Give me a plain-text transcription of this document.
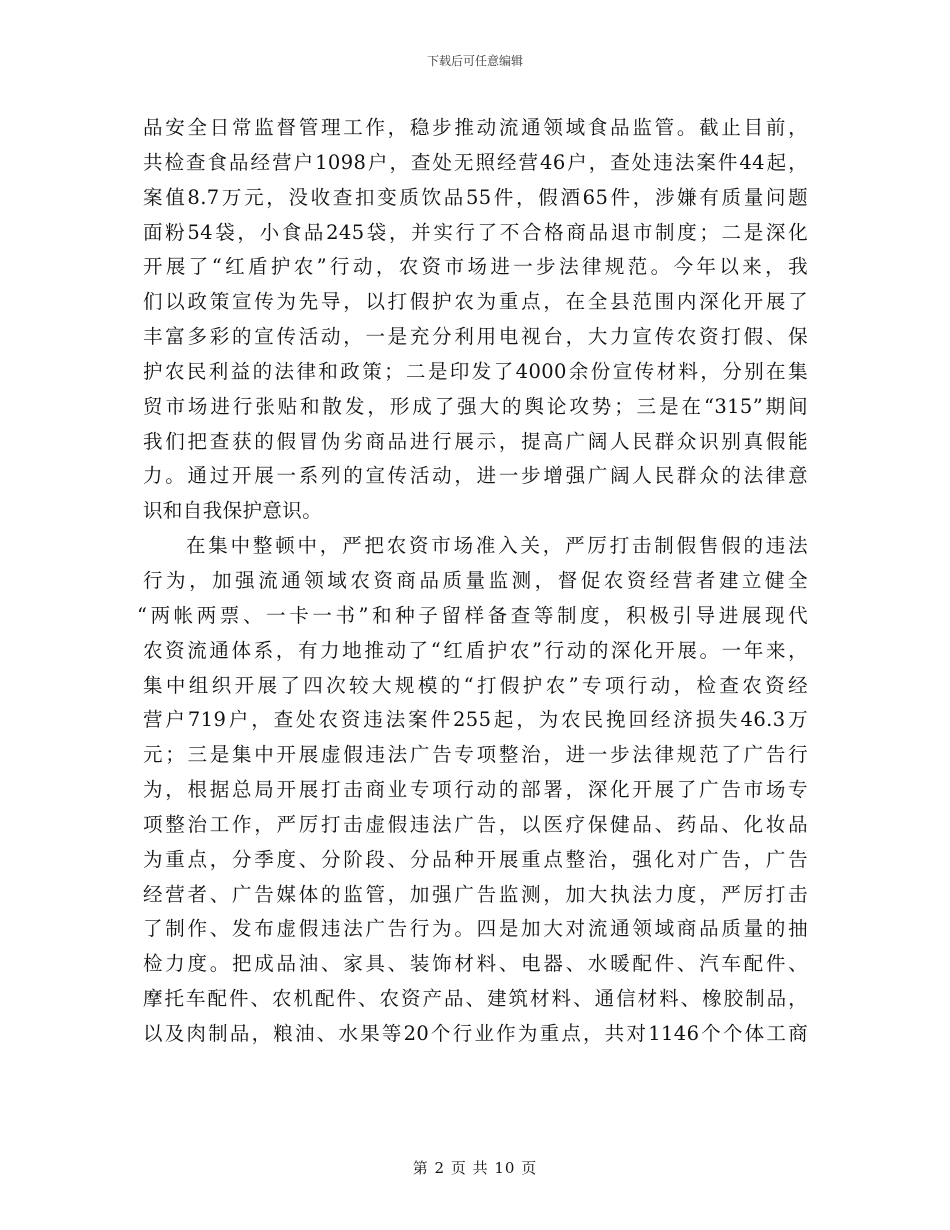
下载后可任意编辑
品安全日常监督管理工作，稳步推动流通领域食品监管。截止目前，
共检查食品经营户1098户，查处无照经营46户，查处违法案件44起，
案值8.7万元，没收查扣变质饮品55件，假酒65件，涉嫌有质量问题
面粉54袋，小食品245袋，并实行了不合格商品退市制度；二是深化
开展了“红盾护农”行动，农资市场进一步法律规范。今年以来，我
们以政策宣传为先导，以打假护农为重点，在全县范围内深化开展了
丰富多彩的宣传活动，一是充分利用电视台，大力宣传农资打假、保
护农民利益的法律和政策；二是印发了4000余份宣传材料，分别在集
贸市场进行张贴和散发，形成了强大的舆论攻势；三是在“315”期间
我们把查获的假冒伪劣商品进行展示，提高广阔人民群众识别真假能
力。通过开展一系列的宣传活动，进一步增强广阔人民群众的法律意
识和自我保护意识。
在集中整顿中，严把农资市场准入关，严厉打击制假售假的违法
行为，加强流通领域农资商品质量监测，督促农资经营者建立健全
“两帐两票、一卡一书”和种子留样备查等制度，积极引导进展现代
农资流通体系，有力地推动了“红盾护农”行动的深化开展。一年来，
集中组织开展了四次较大规模的“打假护农”专项行动，检查农资经
营户719户，查处农资违法案件255起，为农民挽回经济损失46.3万
元；三是集中开展虚假违法广告专项整治，进一步法律规范了广告行
为，根据总局开展打击商业专项行动的部署，深化开展了广告市场专
项整治工作，严厉打击虚假违法广告，以医疗保健品、药品、化妆品
为重点，分季度、分阶段、分品种开展重点整治，强化对广告，广告
经营者、广告媒体的监管，加强广告监测，加大执法力度，严厉打击
了制作、发布虚假违法广告行为。四是加大对流通领域商品质量的抽
检力度。把成品油、家具、装饰材料、电器、水暖配件、汽车配件、
摩托车配件、农机配件、农资产品、建筑材料、通信材料、橡胶制品，
以及肉制品，粮油、水果等20个行业作为重点，共对1146个个体工商
第 2 页 共 10 页
